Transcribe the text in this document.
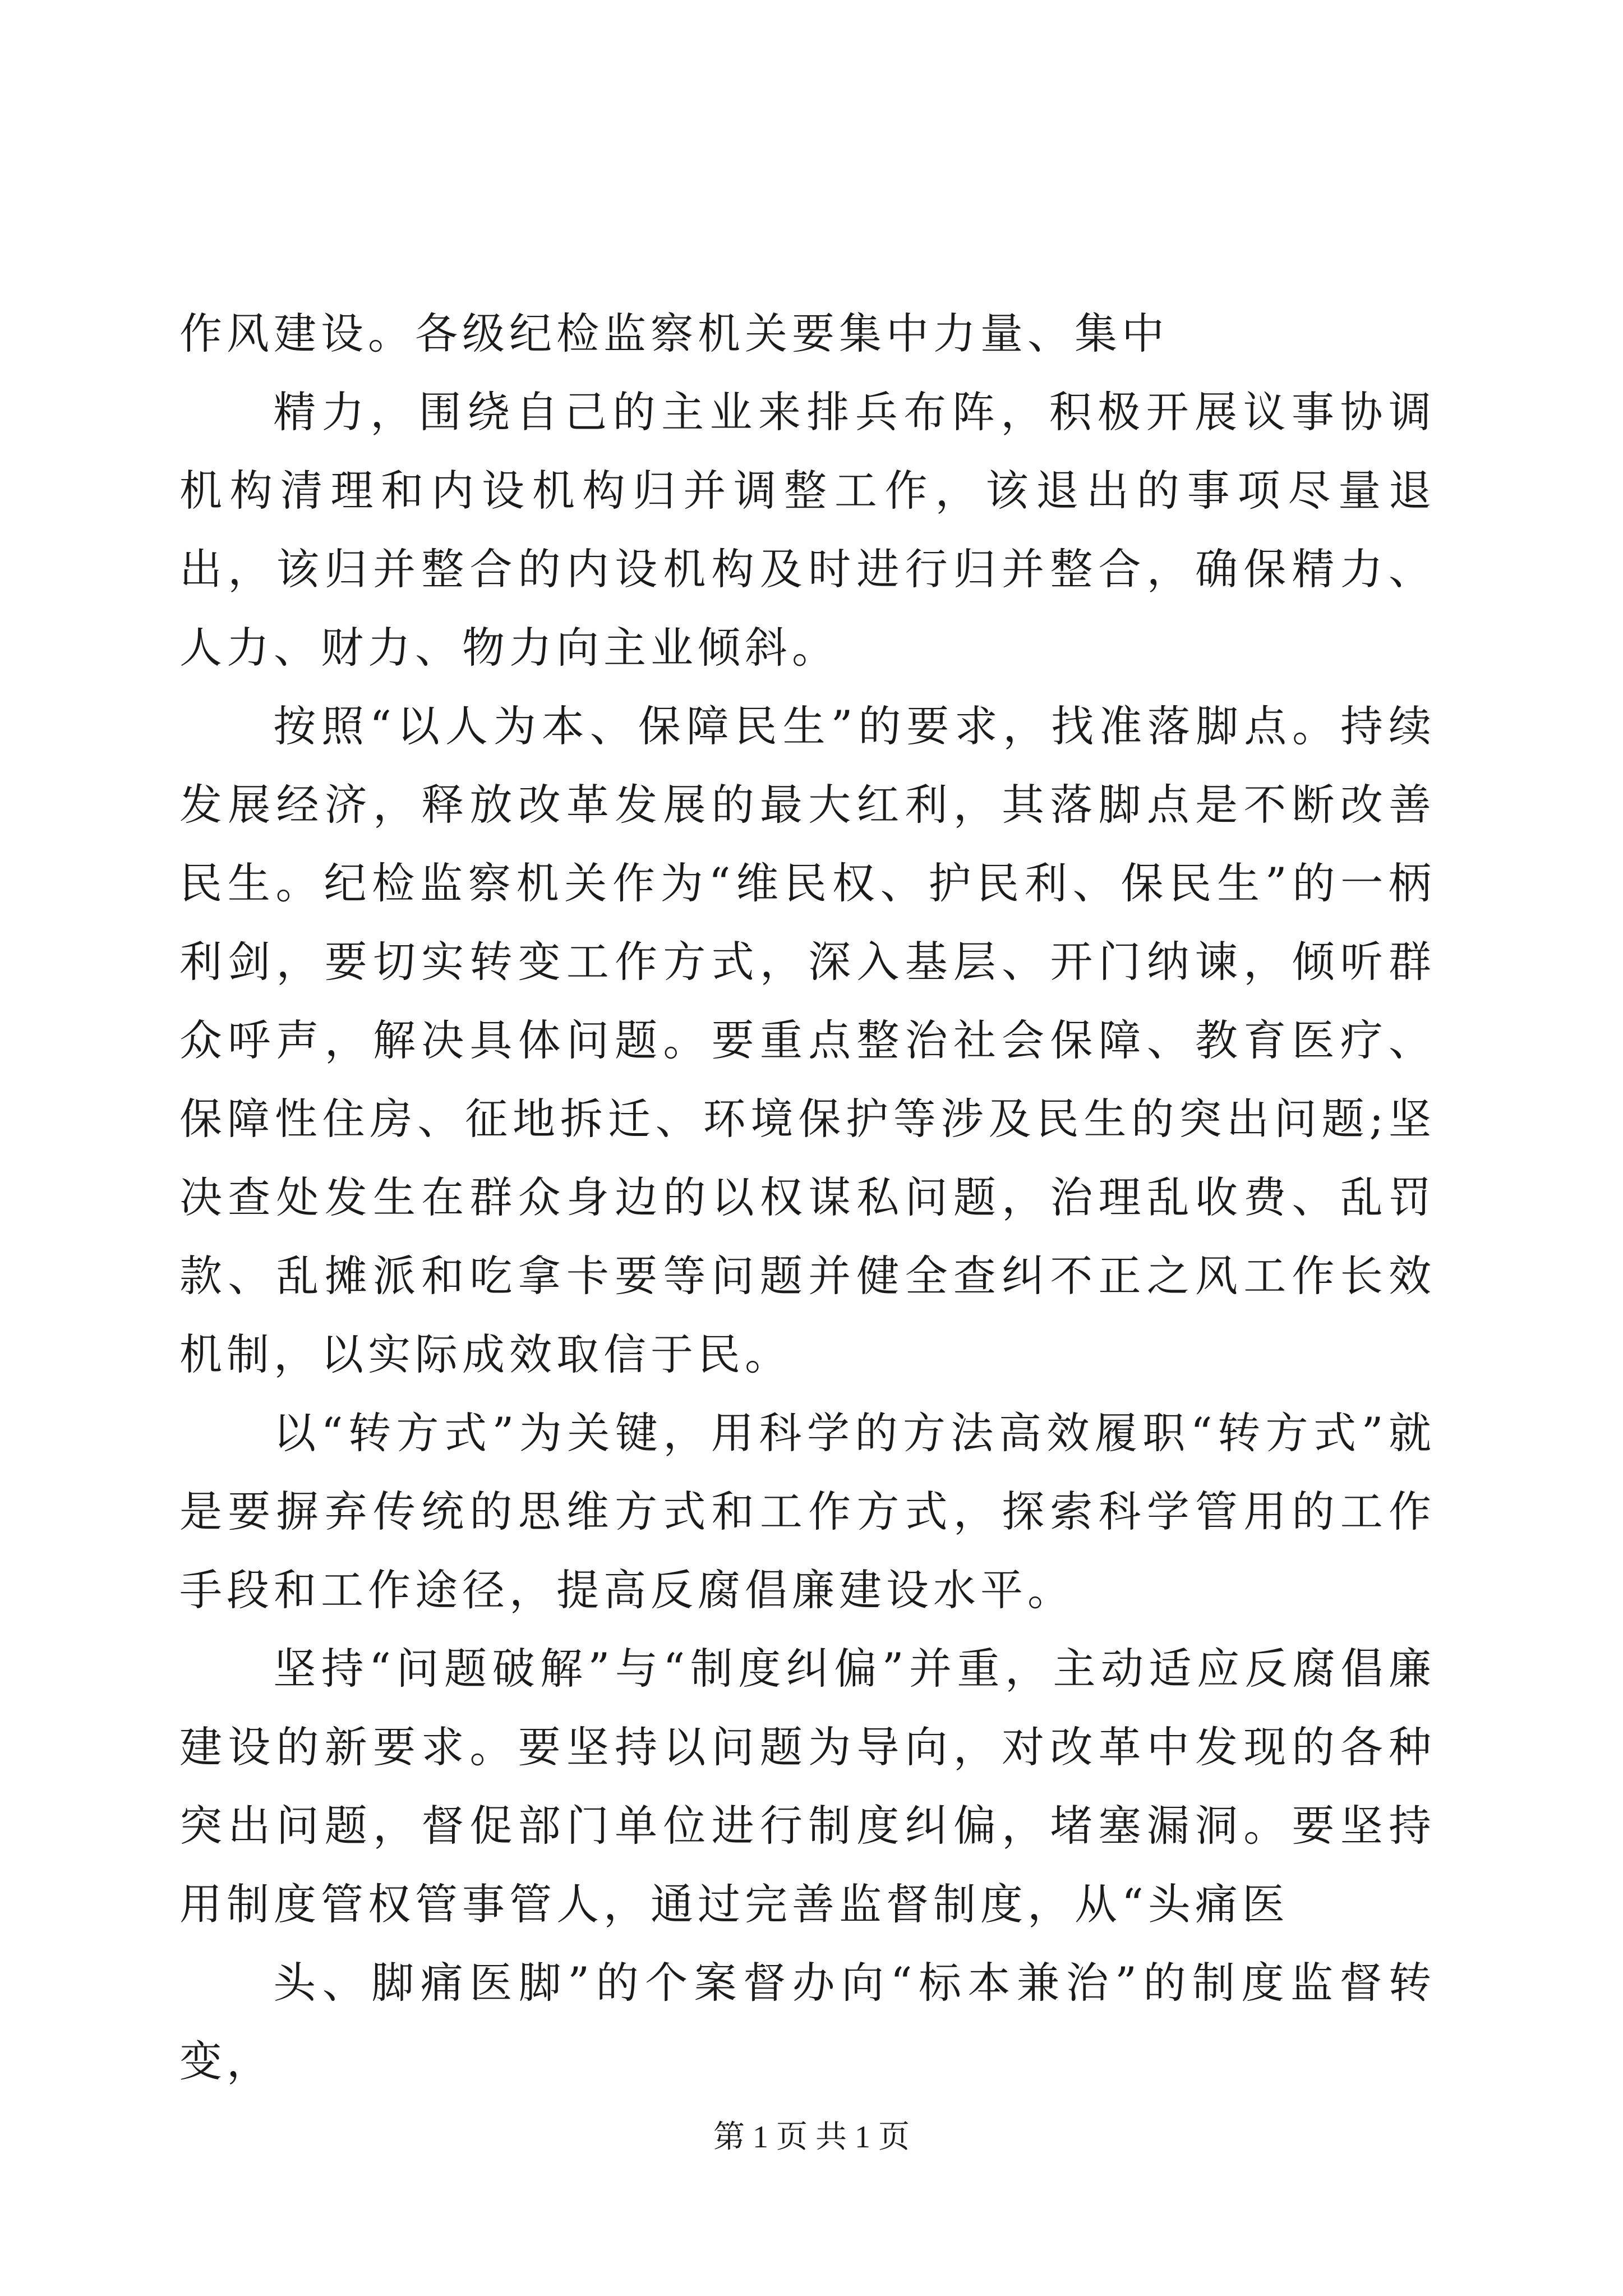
作风建设。各级纪检监察机关要集中力量、集中

精力，围绕自己的主业来排兵布阵，积极开展议事协调机构清理和内设机构归并调整工作，该退出的事项尽量退出，该归并整合的内设机构及时进行归并整合，确保精力、人力、财力、物力向主业倾斜。

按照“以人为本、保障民生”的要求，找准落脚点。持续发展经济，释放改革发展的最大红利，其落脚点是不断改善民生。纪检监察机关作为“维民权、护民利、保民生”的一柄利剑，要切实转变工作方式，深入基层、开门纳谏，倾听群众呼声，解决具体问题。要重点整治社会保障、教育医疗、保障性住房、征地拆迁、环境保护等涉及民生的突出问题;坚决查处发生在群众身边的以权谋私问题，治理乱收费、乱罚款、乱摊派和吃拿卡要等问题并健全查纠不正之风工作长效机制，以实际成效取信于民。

以“转方式”为关键，用科学的方法高效履职“转方式”就是要摒弃传统的思维方式和工作方式，探索科学管用的工作手段和工作途径，提高反腐倡廉建设水平。

坚持“问题破解”与“制度纠偏”并重，主动适应反腐倡廉建设的新要求。要坚持以问题为导向，对改革中发现的各种突出问题，督促部门单位进行制度纠偏，堵塞漏洞。要坚持用制度管权管事管人，通过完善监督制度，从“头痛医

头、脚痛医脚”的个案督办向“标本兼治”的制度监督转变，

第 1 页 共 1 页
